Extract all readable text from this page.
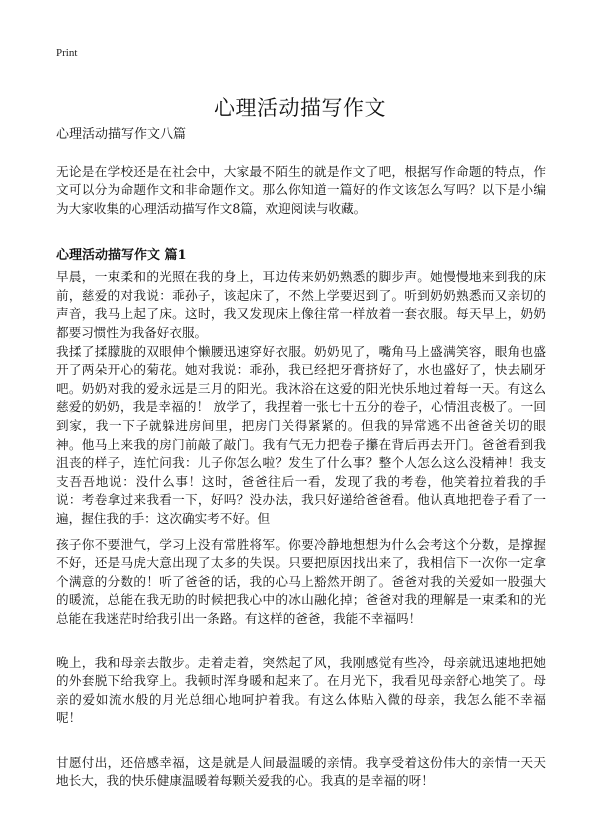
Print
心理活动描写作文
心理活动描写作文八篇

无论是在学校还是在社会中，大家最不陌生的就是作文了吧，根据写作命题的特点，作文可以分为命题作文和非命题作文。那么你知道一篇好的作文该怎么写吗？以下是小编为大家收集的心理活动描写作文8篇，欢迎阅读与收藏。

心理活动描写作文 篇1

早晨，一束柔和的光照在我的身上，耳边传来奶奶熟悉的脚步声。她慢慢地来到我的床前，慈爱的对我说：乖孙子，该起床了，不然上学要迟到了。听到奶奶熟悉而又亲切的声音，我马上起了床。这时，我又发现床上像往常一样放着一套衣服。每天早上，奶奶都要习惯性为我备好衣服。

我揉了揉朦胧的双眼伸个懒腰迅速穿好衣服。奶奶见了，嘴角马上盛满笑容，眼角也盛开了两朵开心的菊花。她对我说：乖孙，我已经把牙膏挤好了，水也盛好了，快去刷牙吧。奶奶对我的爱永远是三月的阳光。我沐浴在这爱的阳光快乐地过着每一天。有这么慈爱的奶奶，我是幸福的！ 放学了，我捏着一张七十五分的卷子，心情沮丧极了。一回到家，我一下子就躲进房间里，把房门关得紧紧的。但我的异常逃不出爸爸关切的眼神。他马上来我的房门前敲了敲门。我有气无力把卷子攥在背后再去开门。爸爸看到我沮丧的样子，连忙问我：儿子你怎么啦？发生了什么事？整个人怎么这么没精神！我支支吾吾地说：没什么事！这时，爸爸往后一看，发现了我的考卷，他笑着拉着我的手说：考卷拿过来我看一下，好吗？没办法，我只好递给爸爸看。他认真地把卷子看了一遍，握住我的手：这次确实考不好。但

孩子你不要泄气，学习上没有常胜将军。你要冷静地想想为什么会考这个分数，是撑握不好，还是马虎大意出现了太多的失误。只要把原因找出来了，我相信下一次你一定拿个满意的分数的！听了爸爸的话，我的心马上豁然开朗了。爸爸对我的关爱如一股强大的暖流，总能在我无助的时候把我心中的冰山融化掉；爸爸对我的理解是一束柔和的光总能在我迷茫时给我引出一条路。有这样的爸爸，我能不幸福吗！

晚上，我和母亲去散步。走着走着，突然起了风，我刚感觉有些冷，母亲就迅速地把她的外套脱下给我穿上。我顿时浑身暖和起来了。在月光下，我看见母亲舒心地笑了。母亲的爱如流水般的月光总细心地呵护着我。有这么体贴入微的母亲，我怎么能不幸福呢！

甘愿付出，还倍感幸福，这是就是人间最温暖的亲情。我享受着这份伟大的亲情一天天地长大，我的快乐健康温暖着每颗关爱我的心。我真的是幸福的呀！
